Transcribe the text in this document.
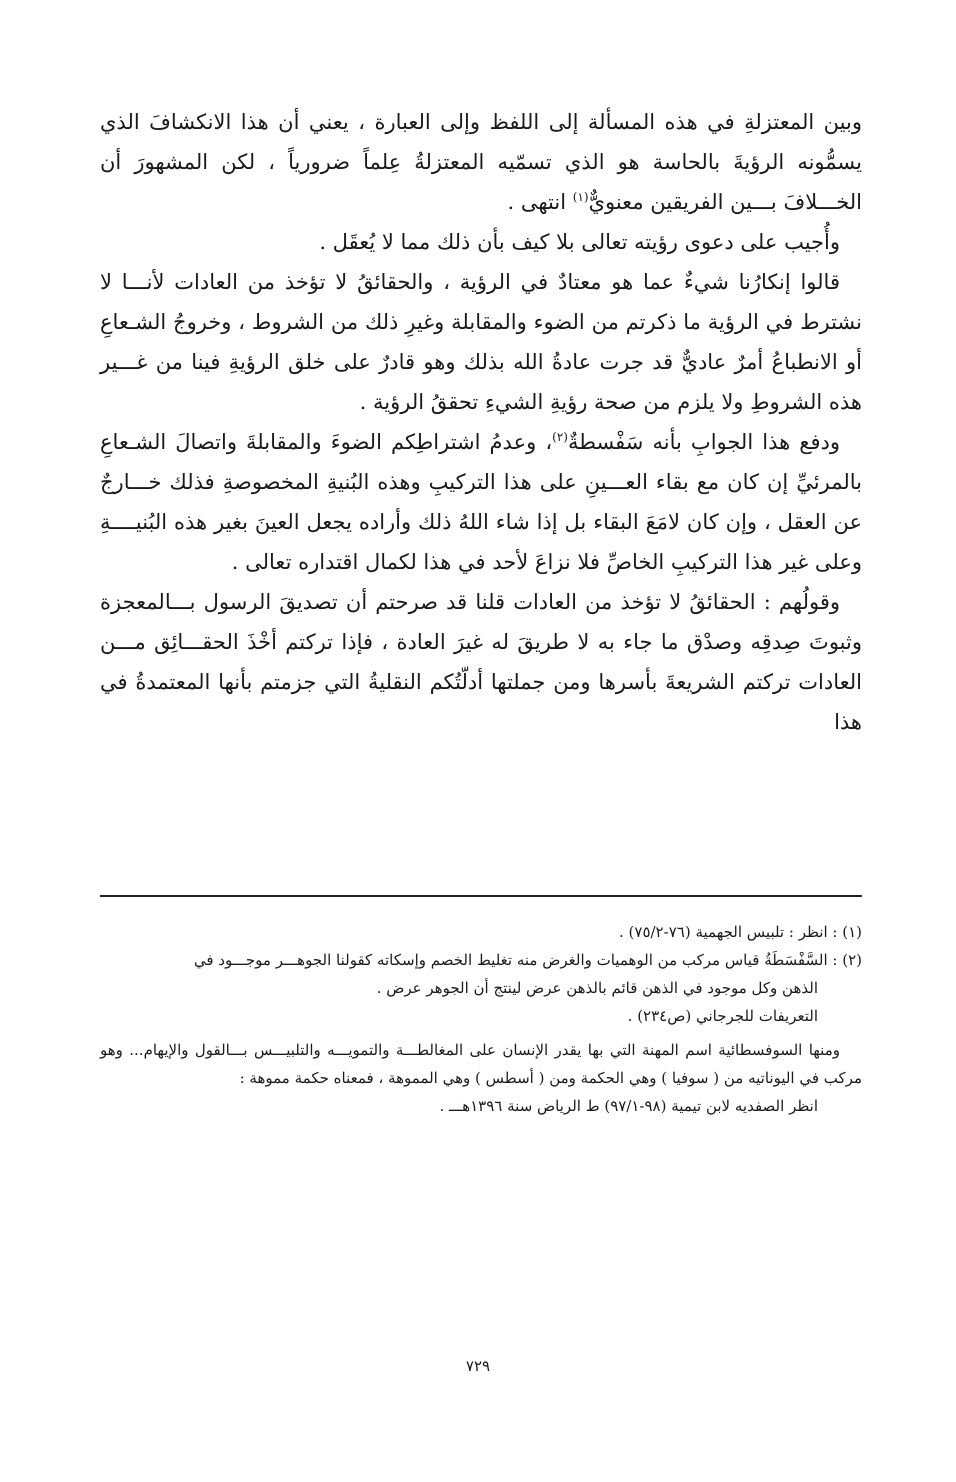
وبين المعتزلةِ في هذه المسألة إلى اللفظ وإلى العبارة ، يعني أن هذا الانكشافَ الذي يسمُّونه الرؤيةَ بالحاسة هو الذي تسمّيه المعتزلةُ عِلماً ضرورياً ، لكن المشهورَ أن الخـــلافَ بـــين الفريقين معنويٌّ$^{(١)}$ انتهى .

وأُجيب على دعوى رؤيته تعالى بلا كيف بأن ذلك مما لا يُعقَل .

قالوا إنكارُنا شيءٌ عما هو معتادٌ في الرؤية ، والحقائقُ لا تؤخذ من العادات لأنـــا لا نشترط في الرؤية ما ذكرتم من الضوء والمقابلة وغيرِ ذلك من الشروط ، وخروجُ الشـعاعِ أو الانطباعُ أمرٌ عاديٌّ قد جرت عادةُ الله بذلك وهو قادرٌ على خلق الرؤيةِ فينا من غـــير هذه الشروطِ ولا يلزم من صحة رؤيةِ الشيءِ تحققُ الرؤية .

ودفع هذا الجوابِ بأنه سَفْسطةٌ$^{(٢)}$، وعدمُ اشتراطِكم الضوءَ والمقابلةَ واتصالَ الشـعاعِ بالمرئيِّ إن كان مع بقاء العـــينِ على هذا التركيبِ وهذه البُنيةِ المخصوصةِ فذلك خـــارجٌ عن العقل ، وإن كان لامَعَ البقاء بل إذا شاء اللهُ ذلك وأراده يجعل العينَ بغير هذه البُنيــــةِ وعلى غير هذا التركيبِ الخاصِّ فلا نزاعَ لأحد في هذا لكمال اقتداره تعالى .

وقولُهم : الحقائقُ لا تؤخذ من العادات قلنا قد صرحتم أن تصديقَ الرسول بـــالمعجزة وثبوتَ صِدقِه وصدْق ما جاء به لا طريقَ له غيرَ العادة ، فإذا تركتم أخْذَ الحقـــائِق مـــن العادات تركتم الشريعةَ بأسرها ومن جملتها أدلّتُكم النقليةُ التي جزمتم بأنها المعتمدةُ في هذا

(١) : انظر : تلبيس الجهمية (٧٦-٧٥/٢) .

(٢) : السَّفْسَطَةُ قياس مركب من الوهميات والغرض منه تغليط الخصم وإسكاته كقولنا الجوهـــر موجـــود في

الذهن وكل موجود في الذهن قائم بالذهن عرض لينتج أن الجوهر عرض .

التعريفات للجرجاني (ص٢٣٤) .

ومنها السوفسطائية اسم المهنة التي بها يقدر الإنسان على المغالطـــة والتمويـــه والتلبيـــس بـــالقول والإيهام... وهو مركب في اليوناتيه من ( سوفيا ) وهي الحكمة ومن ( أسطس ) وهي المموهة ، فمعناه حكمة مموهة :

انظر الصفديه لابن تيمية (٩٨-٩٧/١) ط الرياض سنة ١٣٩٦هـــ .

٧٢٩
